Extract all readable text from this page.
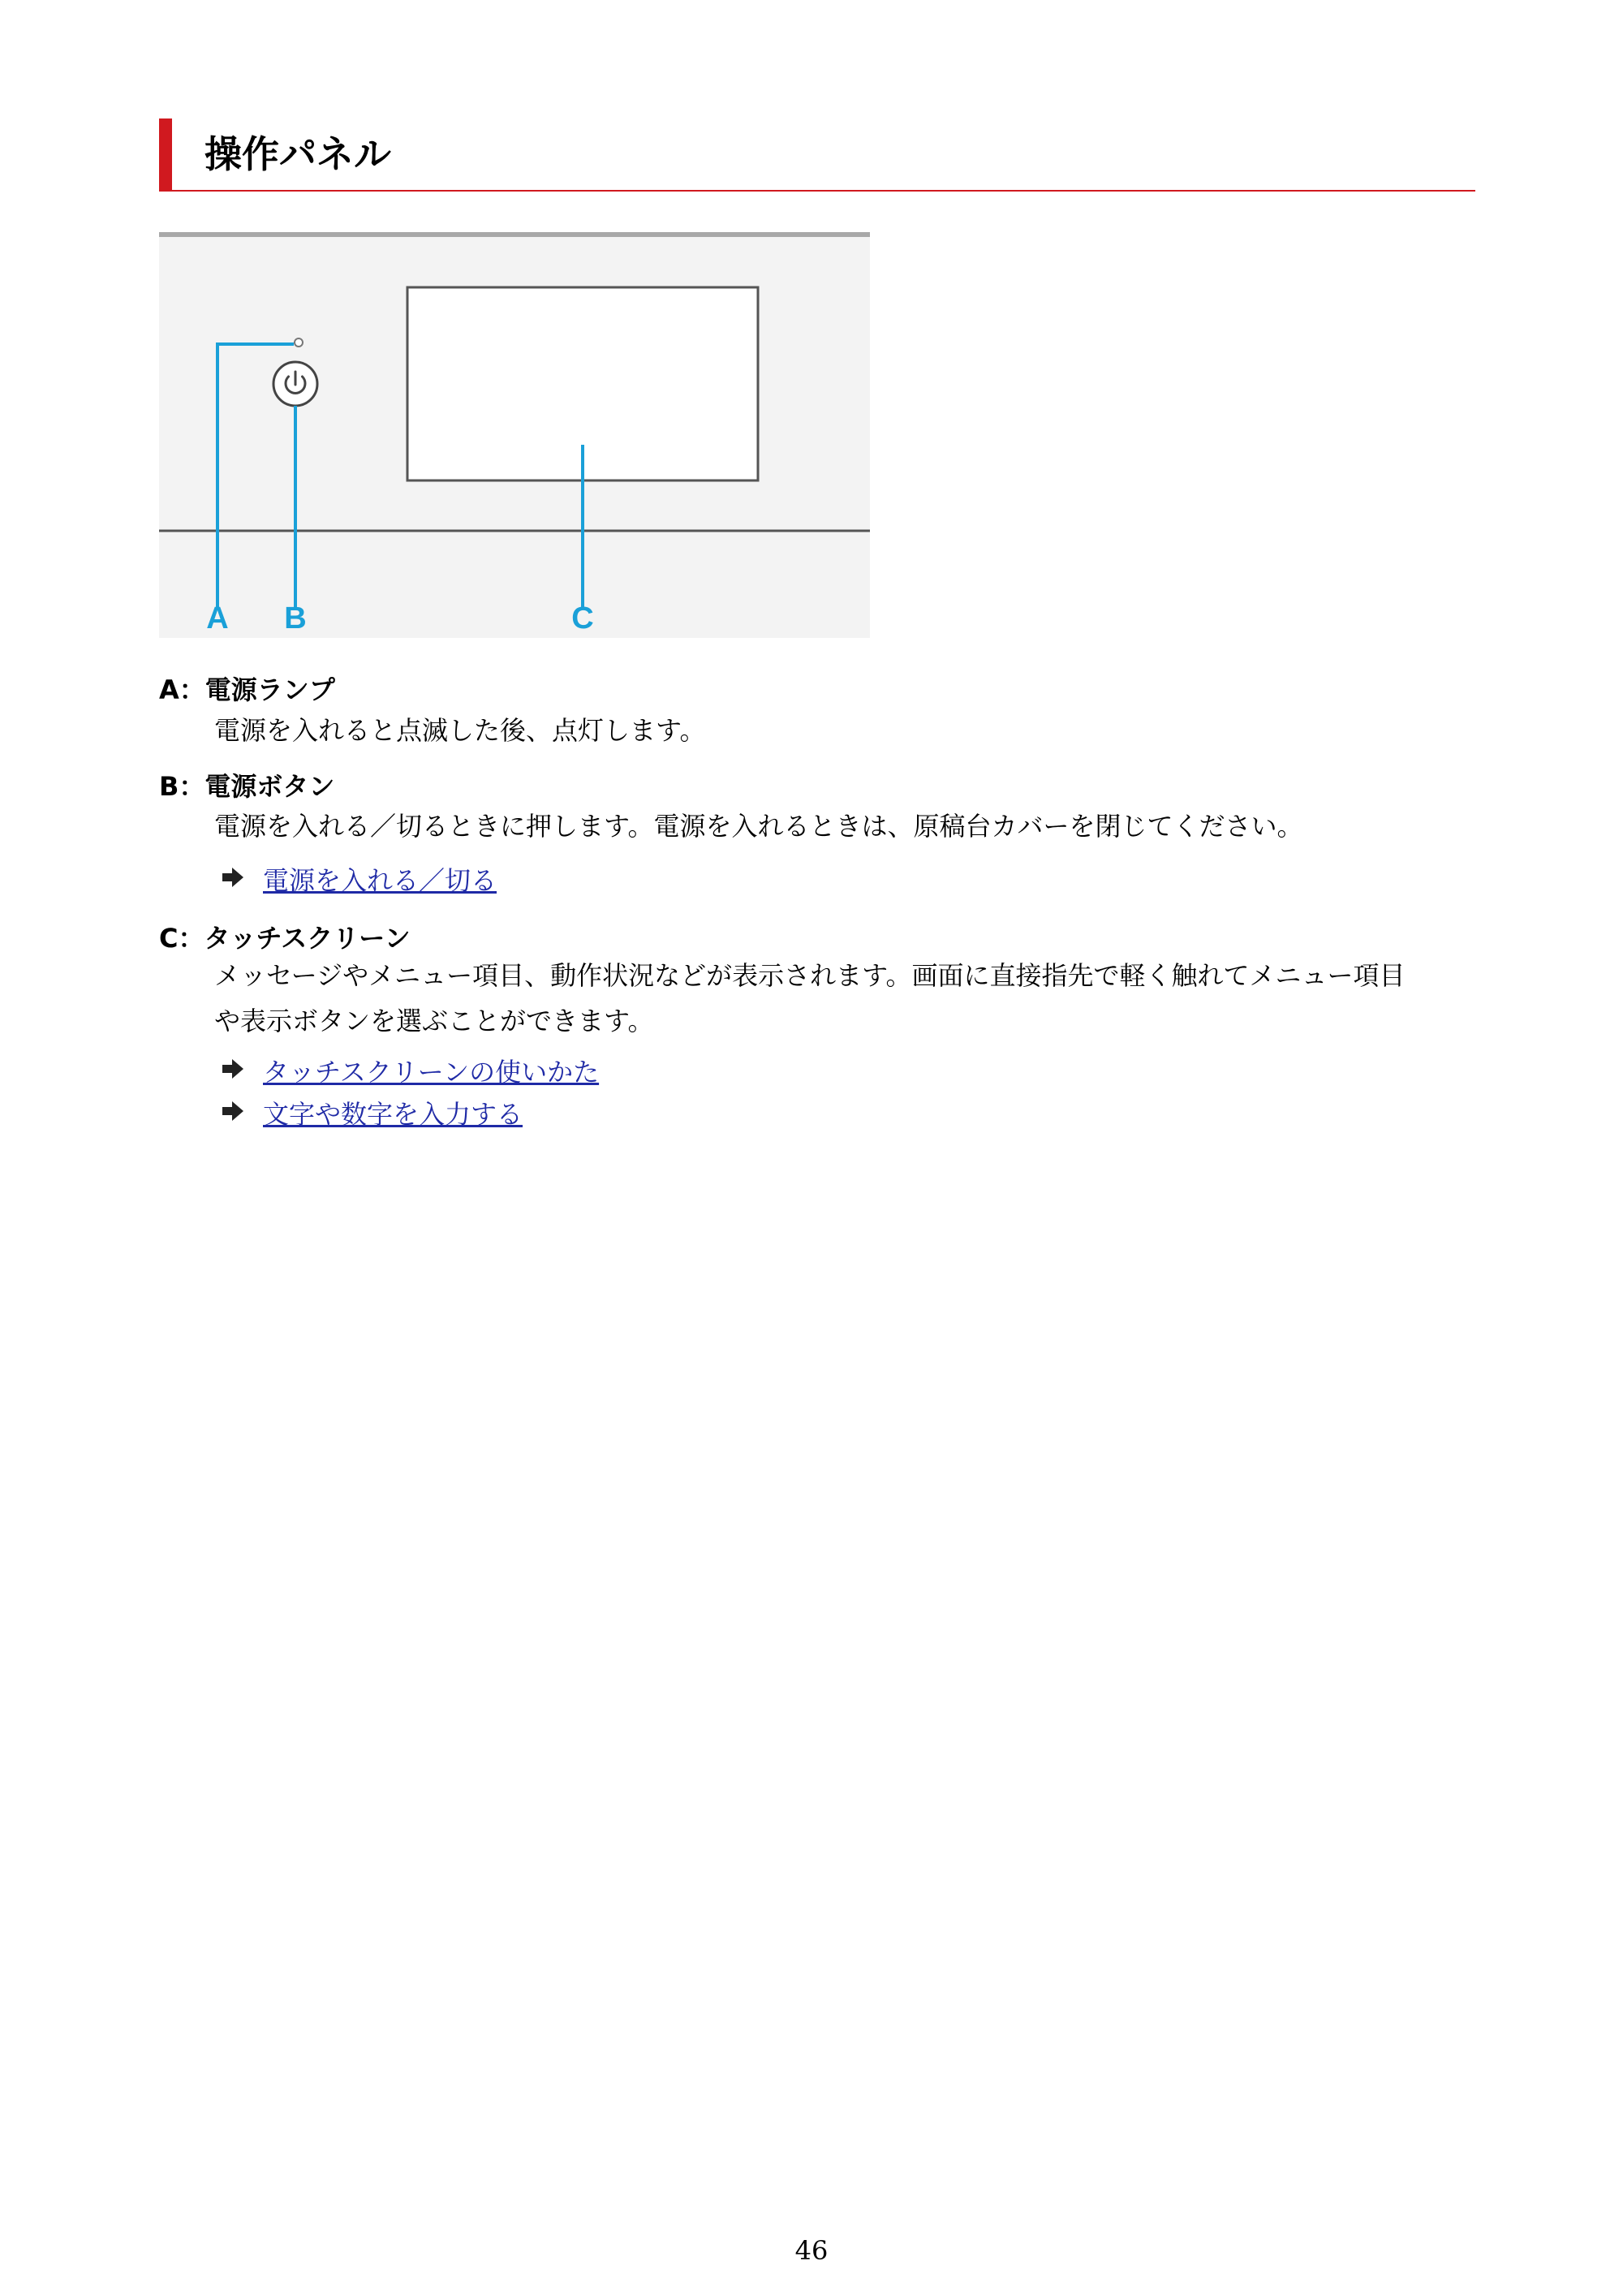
操作パネル
A B	C
A：電源ランプ
電源を入れると点滅した後、点灯します。
B：電源ボタン
電源を入れる／切るときに押します。電源を入れるときは、原稿台カバーを閉じてください。
電源を入れる／切る
C：タッチスクリーン
メッセージやメニュー項目、動作状況などが表示されます。画面に直接指先で軽く触れてメニュー項目
や表示ボタンを選ぶことができます。
タッチスクリーンの使いかた
文字や数字を入力する
46
